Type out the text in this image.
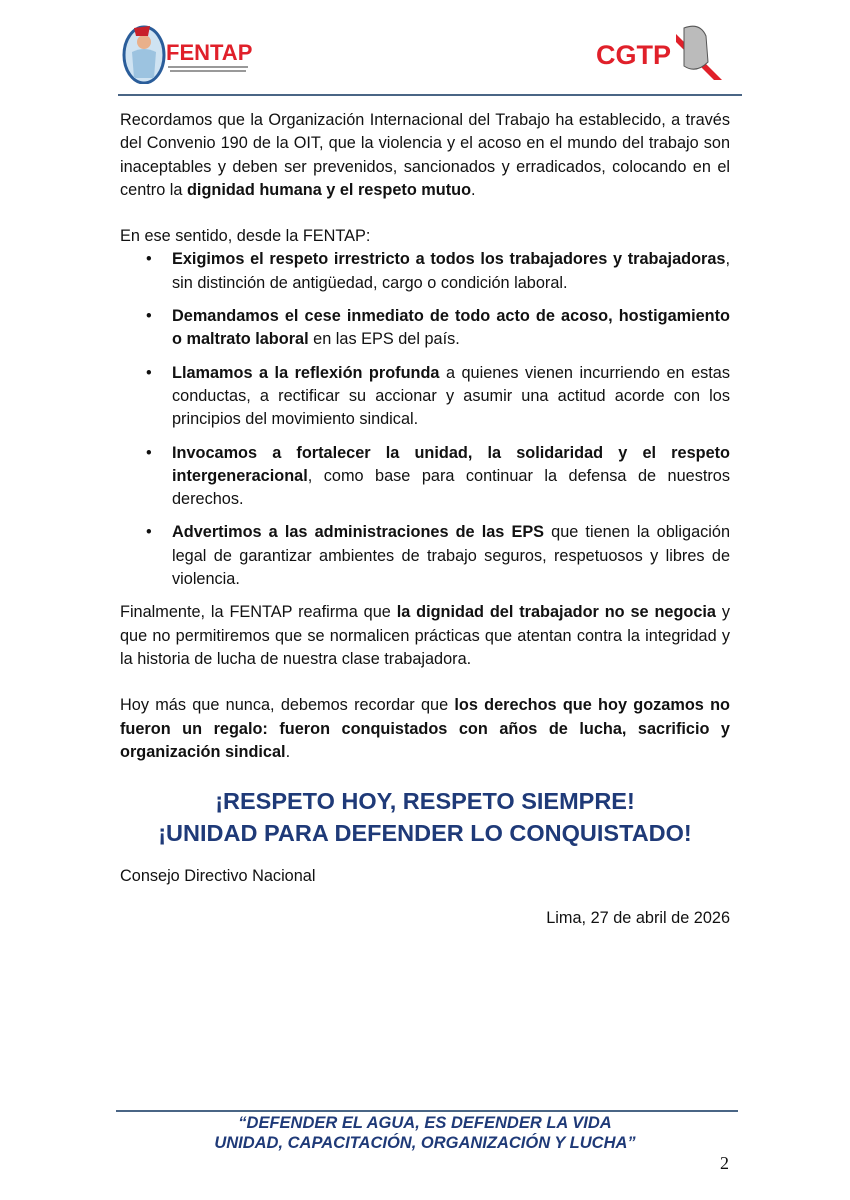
FENTAP	CGTP

Recordamos que la Organización Internacional del Trabajo ha establecido, a través del Convenio 190 de la OIT, que la violencia y el acoso en el mundo del trabajo son inaceptables y deben ser prevenidos, sancionados y erradicados, colocando en el centro la dignidad humana y el respeto mutuo.

En ese sentido, desde la FENTAP:

• Exigimos el respeto irrestricto a todos los trabajadores y trabajadoras, sin distinción de antigüedad, cargo o condición laboral.
• Demandamos el cese inmediato de todo acto de acoso, hostigamiento o maltrato laboral en las EPS del país.
• Llamamos a la reflexión profunda a quienes vienen incurriendo en estas conductas, a rectificar su accionar y asumir una actitud acorde con los principios del movimiento sindical.
• Invocamos a fortalecer la unidad, la solidaridad y el respeto intergeneracional, como base para continuar la defensa de nuestros derechos.
• Advertimos a las administraciones de las EPS que tienen la obligación legal de garantizar ambientes de trabajo seguros, respetuosos y libres de violencia.

Finalmente, la FENTAP reafirma que la dignidad del trabajador no se negocia y que no permitiremos que se normalicen prácticas que atentan contra la integridad y la historia de lucha de nuestra clase trabajadora.

Hoy más que nunca, debemos recordar que los derechos que hoy gozamos no fueron un regalo: fueron conquistados con años de lucha, sacrificio y organización sindical.

¡RESPETO HOY, RESPETO SIEMPRE!
¡UNIDAD PARA DEFENDER LO CONQUISTADO!
Consejo Directivo Nacional
Lima, 27 de abril de 2026
“DEFENDER EL AGUA, ES DEFENDER LA VIDA
UNIDAD, CAPACITACIÓN, ORGANIZACIÓN Y LUCHA”
2
